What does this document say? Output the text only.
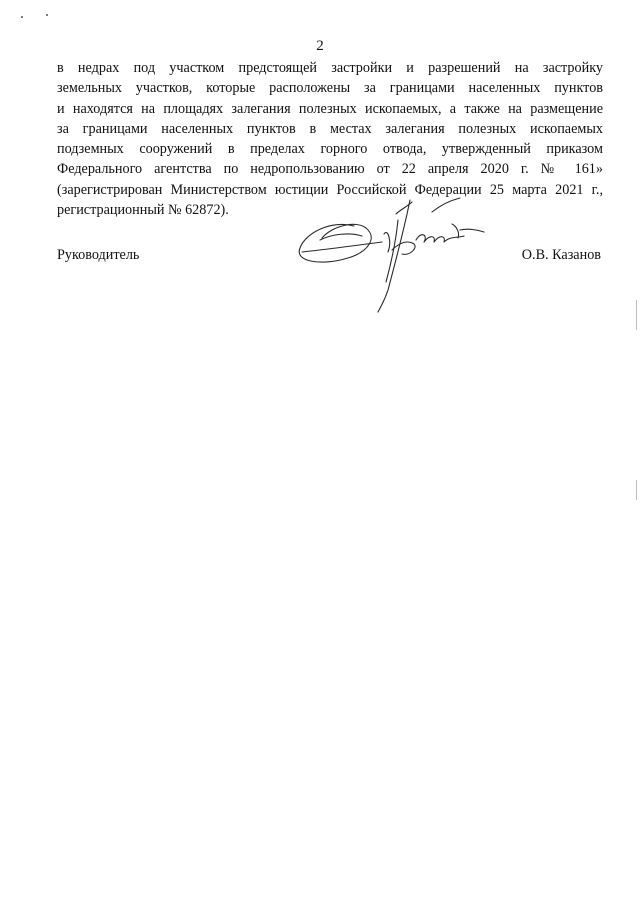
2

в недрах под участком предстоящей застройки и разрешений на застройку
земельных участков, которые расположены за границами населенных пунктов
и находятся на площадях залегания полезных ископаемых, а также на размещение
за границами населенных пунктов в местах залегания полезных ископаемых
подземных сооружений в пределах горного отвода, утвержденный приказом
Федерального агентства по недропользованию от 22 апреля 2020 г. № 161»
(зарегистрирован Министерством юстиции Российской Федерации 25 марта 2021 г.,
регистрационный № 62872).

Руководитель	О.В. Казанов
